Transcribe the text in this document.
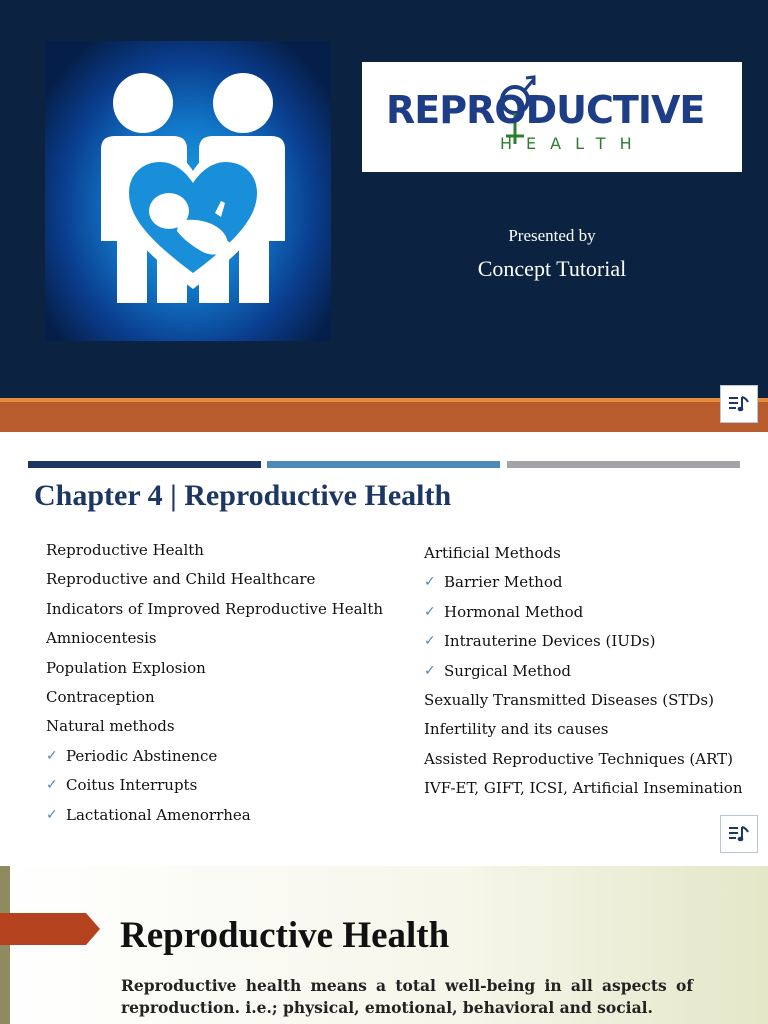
REPRODUCTIVE
HEALTH
Presented by
Concept Tutorial
Chapter 4 | Reproductive Health
Reproductive Health
Reproductive and Child Healthcare
Indicators of Improved Reproductive Health
Amniocentesis
Population Explosion
Contraception
Natural methods
✓ Periodic Abstinence
✓ Coitus Interrupts
✓ Lactational Amenorrhea
Artificial Methods
✓ Barrier Method
✓ Hormonal Method
✓ Intrauterine Devices (IUDs)
✓ Surgical Method
Sexually Transmitted Diseases (STDs)
Infertility and its causes
Assisted Reproductive Techniques (ART)
IVF-ET, GIFT, ICSI, Artificial Insemination
Reproductive Health

Reproductive health means a total well-being in all aspects of reproduction. i.e.; physical, emotional, behavioral and social.
